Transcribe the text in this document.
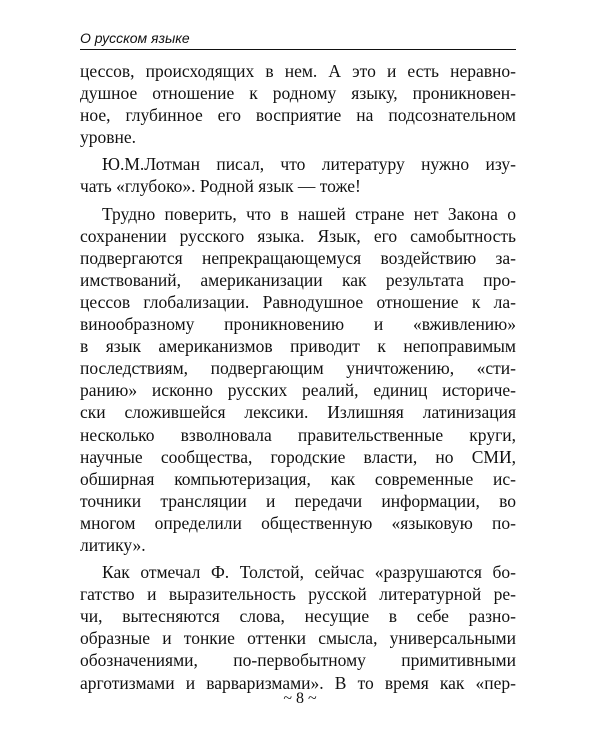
О русском языке
цессов, происходящих в нем. А это и есть неравно-
душное отношение к родному языку, проникновен-
ное, глубинное его восприятие на подсознательном
уровне.
Ю.М.Лотман писал, что литературу нужно изу-
чать «глубоко». Родной язык — тоже!
Трудно поверить, что в нашей стране нет Закона о
сохранении русского языка. Язык, его самобытность
подвергаются непрекращающемуся воздействию за-
имствований, американизации как результата про-
цессов глобализации. Равнодушное отношение к ла-
винообразному проникновению и «вживлению»
в язык американизмов приводит к непоправимым
последствиям, подвергающим уничтожению, «сти-
ранию» исконно русских реалий, единиц историче-
ски сложившейся лексики. Излишняя латинизация
несколько взволновала правительственные круги,
научные сообщества, городские власти, но СМИ,
обширная компьютеризация, как современные ис-
точники трансляции и передачи информации, во
многом определили общественную «языковую по-
литику».
Как отмечал Ф. Толстой, сейчас «разрушаются бо-
гатство и выразительность русской литературной ре-
чи, вытесняются слова, несущие в себе разно-
образные и тонкие оттенки смысла, универсальными
обозначениями, по-первобытному примитивными
арготизмами и варваризмами». В то время как «пер-
~ 8 ~
